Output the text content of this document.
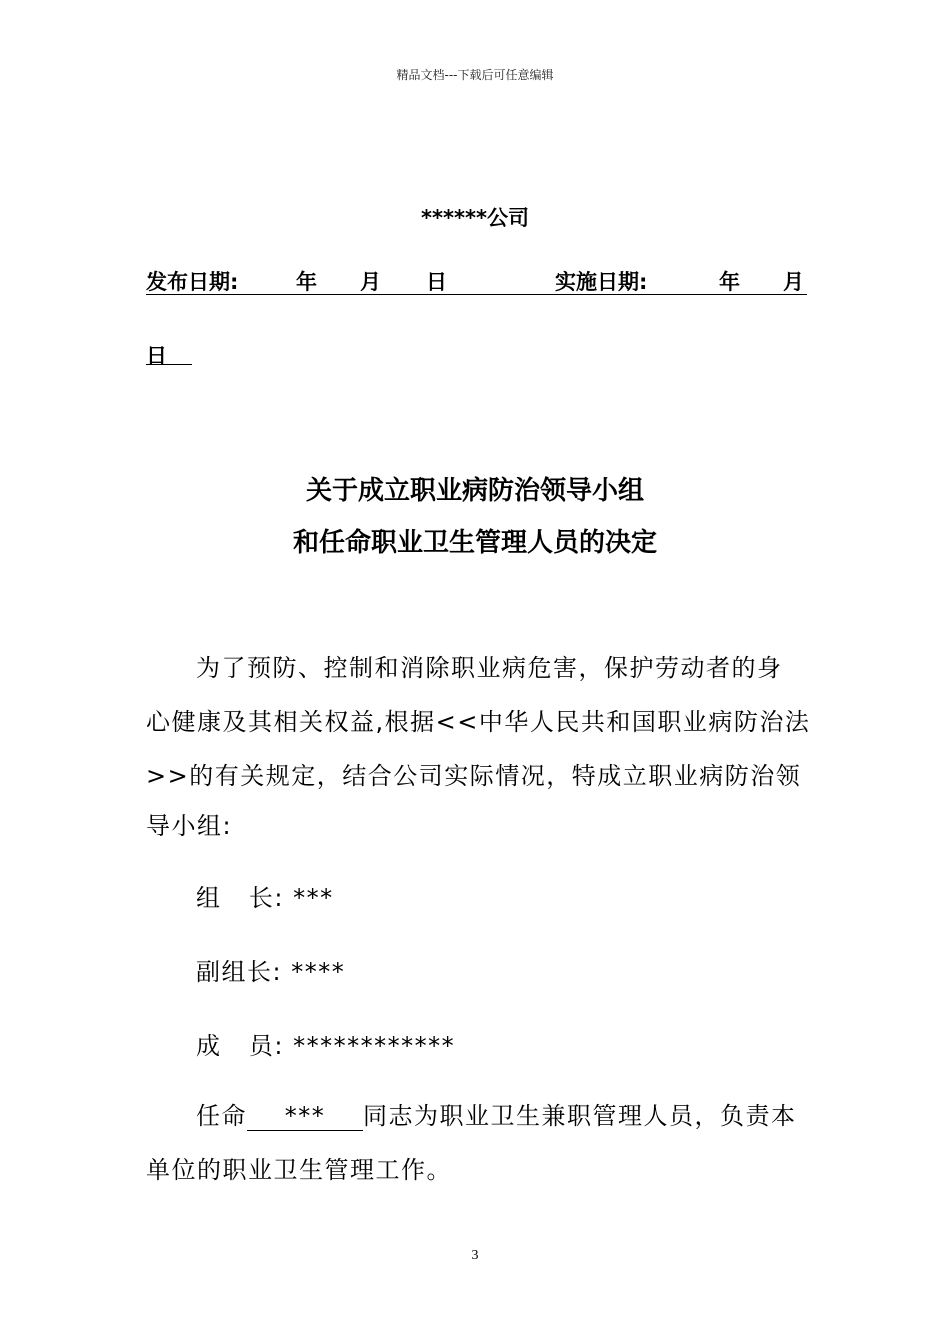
精品文档---下载后可任意编辑
******公司
发布日期:	年 月 日	实施日期:	年 月
日
关于成立职业病防治领导小组
和任命职业卫生管理人员的决定
为了预防、控制和消除职业病危害，保护劳动者的身
心健康及其相关权益,根据<<中华人民共和国职业病防治法
>>的有关规定，结合公司实际情况，特成立职业病防治领
导小组:
组   长: ***
副组长: ****
成   员: ************
任命 *** 同志为职业卫生兼职管理人员，负责本
单位的职业卫生管理工作。
3
